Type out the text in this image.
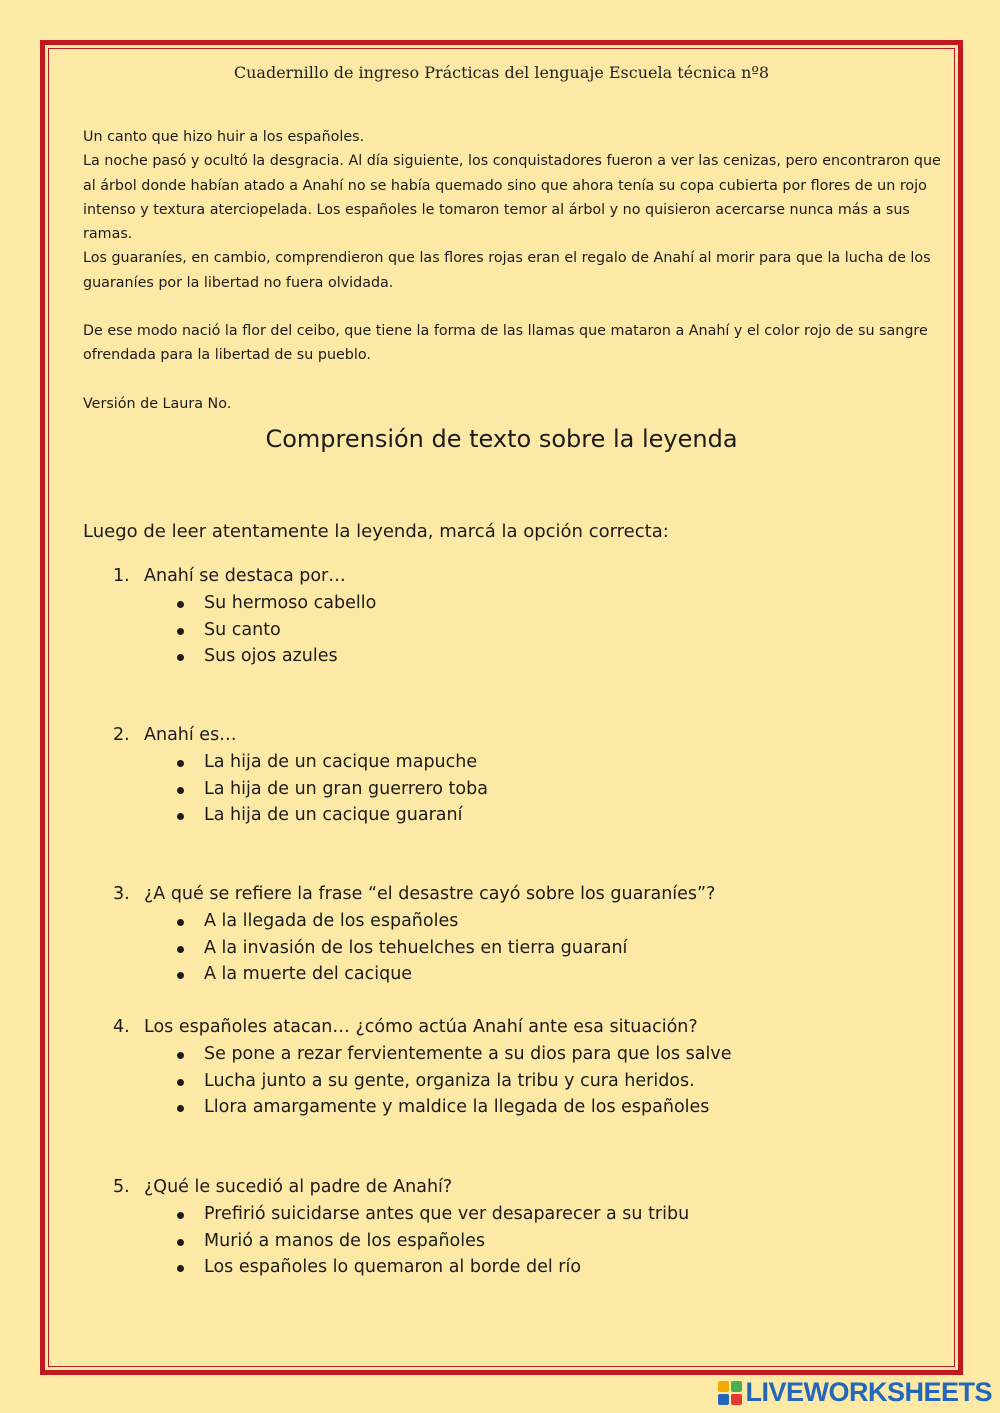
Cuadernillo de ingreso Prácticas del lenguaje Escuela técnica nº8

Un canto que hizo huir a los españoles.

La noche pasó y ocultó la desgracia. Al día siguiente, los conquistadores fueron a ver las cenizas, pero encontraron que al árbol donde habían atado a Anahí no se había quemado sino que ahora tenía su copa cubierta por flores de un rojo intenso y textura aterciopelada. Los españoles le tomaron temor al árbol y no quisieron acercarse nunca más a sus ramas.

Los guaraníes, en cambio, comprendieron que las flores rojas eran el regalo de Anahí al morir para que la lucha de los guaraníes por la libertad no fuera olvidada.

De ese modo nació la flor del ceibo, que tiene la forma de las llamas que mataron a Anahí y el color rojo de su sangre ofrendada para la libertad de su pueblo.

Versión de Laura No.

Comprensión de texto sobre la leyenda
Luego de leer atentamente la leyenda, marcá la opción correcta:
1. Anahí se destaca por…
Su hermoso cabello
Su canto
Sus ojos azules
2. Anahí es…
La hija de un cacique mapuche
La hija de un gran guerrero toba
La hija de un cacique guaraní
3. ¿A qué se refiere la frase “el desastre cayó sobre los guaraníes”?
A la llegada de los españoles
A la invasión de los tehuelches en tierra guaraní
A la muerte del cacique
4. Los españoles atacan… ¿cómo actúa Anahí ante esa situación?
Se pone a rezar fervientemente a su dios para que los salve
Lucha junto a su gente, organiza la tribu y cura heridos.
Llora amargamente y maldice la llegada de los españoles
5. ¿Qué le sucedió al padre de Anahí?
Prefirió suicidarse antes que ver desaparecer a su tribu
Murió a manos de los españoles
Los españoles lo quemaron al borde del río
LIVEWORKSHEETS
